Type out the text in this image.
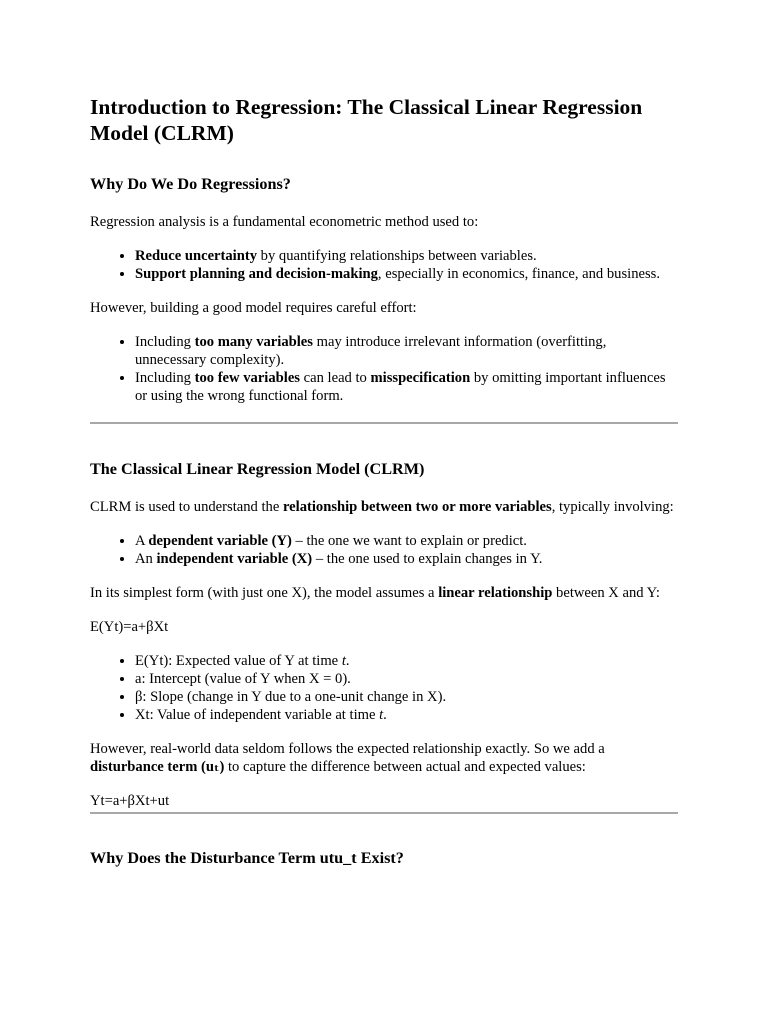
Introduction to Regression: The Classical Linear Regression Model (CLRM)
Why Do We Do Regressions?

Regression analysis is a fundamental econometric method used to:

• Reduce uncertainty by quantifying relationships between variables.
• Support planning and decision-making, especially in economics, finance, and business.

However, building a good model requires careful effort:

• Including too many variables may introduce irrelevant information (overfitting, unnecessary complexity).
• Including too few variables can lead to misspecification by omitting important influences or using the wrong functional form.
The Classical Linear Regression Model (CLRM)

CLRM is used to understand the relationship between two or more variables, typically involving:

• A dependent variable (Y) – the one we want to explain or predict.
• An independent variable (X) – the one used to explain changes in Y.

In its simplest form (with just one X), the model assumes a linear relationship between X and Y:

E(Yt)=a+βXt

• E(Yt): Expected value of Y at time t.
• a: Intercept (value of Y when X = 0).
• β: Slope (change in Y due to a one-unit change in X).
• Xt: Value of independent variable at time t.

However, real-world data seldom follows the expected relationship exactly. So we add a disturbance term (uₜ) to capture the difference between actual and expected values:

Yt=a+βXt+ut

Why Does the Disturbance Term utu_t Exist?
